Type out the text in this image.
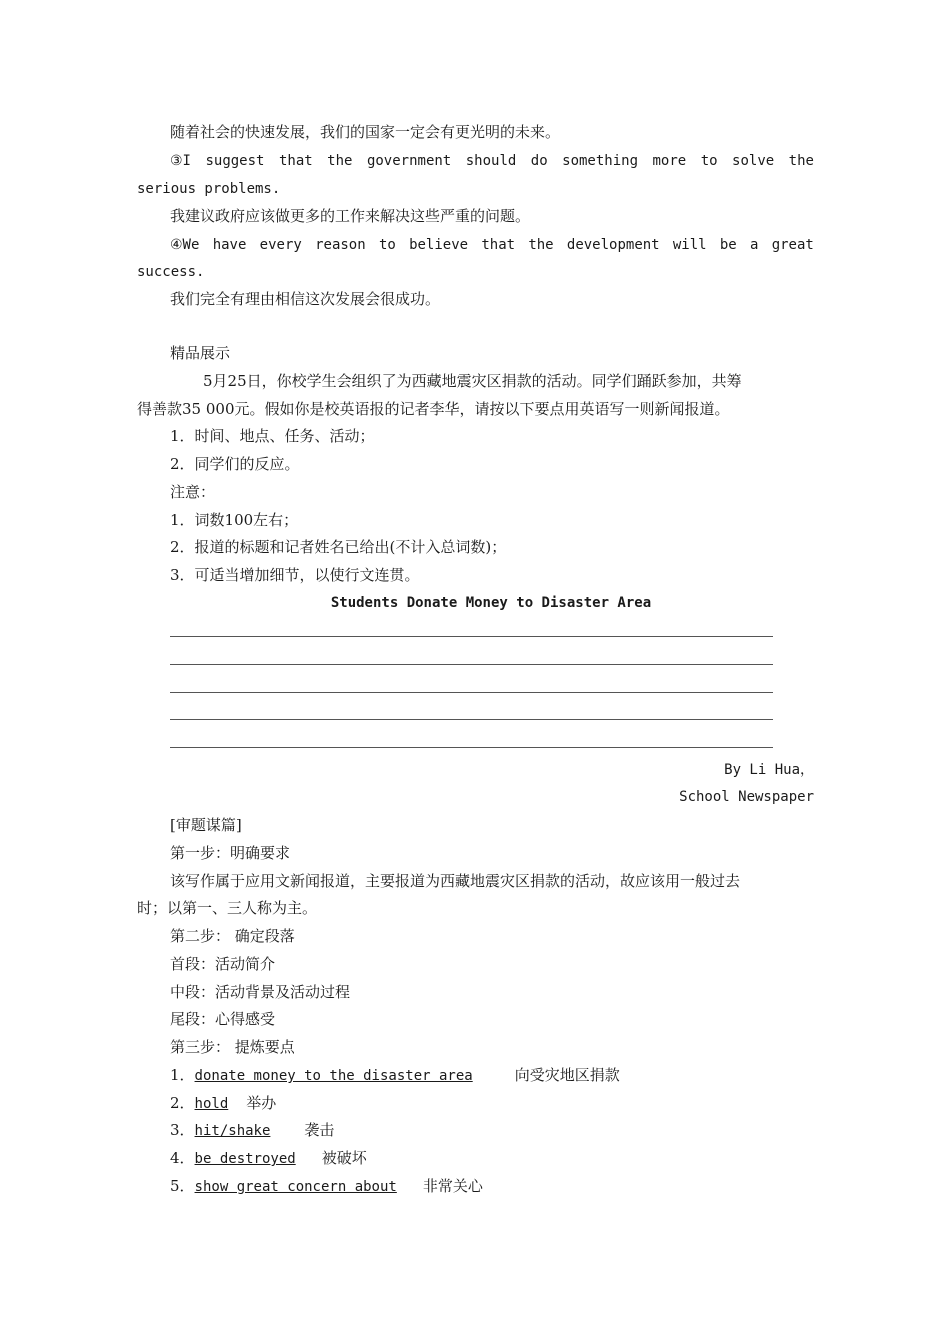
随着社会的快速发展，我们的国家一定会有更光明的未来。
③I suggest that the government should do something more to solve the
serious problems.
我建议政府应该做更多的工作来解决这些严重的问题。
④We have every reason to believe that the development will be a great
success.
我们完全有理由相信这次发展会很成功。
精品展示
5月25日，你校学生会组织了为西藏地震灾区捐款的活动。同学们踊跃参加，共筹
得善款35 000元。假如你是校英语报的记者李华，请按以下要点用英语写一则新闻报道。
1．时间、地点、任务、活动；
2．同学们的反应。
注意：
1．词数100左右；
2．报道的标题和记者姓名已给出(不计入总词数)；
3．可适当增加细节，以使行文连贯。
Students Donate Money to Disaster Area
By Li Hua，
School Newspaper
[审题谋篇]
第一步：明确要求
该写作属于应用文新闻报道，主要报道为西藏地震灾区捐款的活动，故应该用一般过去
时；以第一、三人称为主。
第二步： 确定段落
首段：活动简介
中段：活动背景及活动过程
尾段：心得感受
第三步： 提炼要点
1．donate money to the disaster area	向受灾地区捐款
2．hold 举办
3．hit/shake 袭击
4．be destroyed 被破坏
5．show great concern about 非常关心
